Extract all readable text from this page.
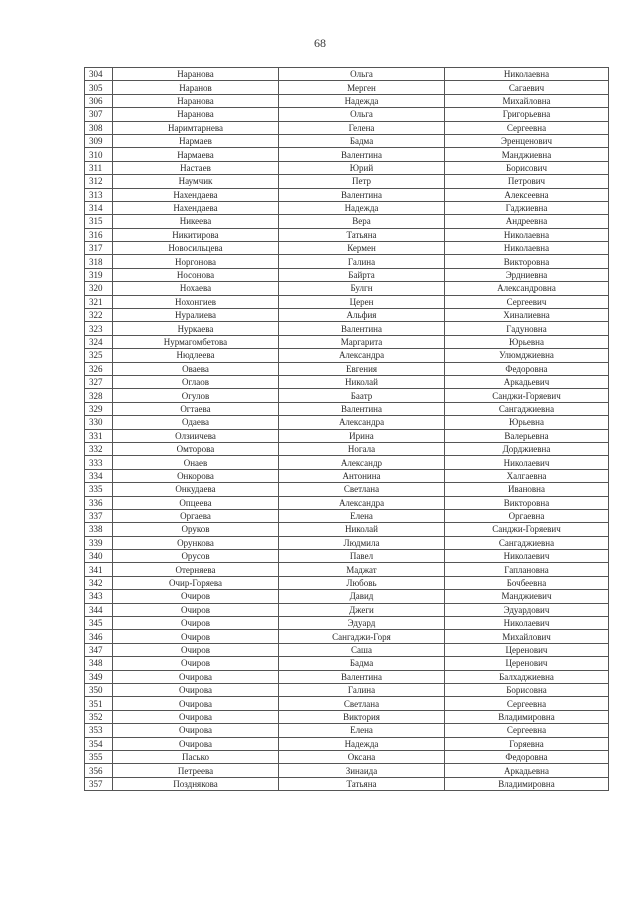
68
304	Наранова	Ольга	Николаевна
305	Наранов	Мерген	Сагаевич
306	Наранова	Надежда	Михайловна
307	Наранова	Ольга	Григорьевна
308	Наримтарнева	Гелена	Сергеевна
309	Нармаев	Бадма	Эренценович
310	Нармаева	Валентина	Манджиевна
311	Настаев	Юрий	Борисович
312	Наумчик	Петр	Петрович
313	Нахендаева	Валентина	Алексеевна
314	Нахендаева	Надежда	Гаджиевна
315	Никеева	Вера	Андреевна
316	Никитирова	Татьяна	Николаевна
317	Новосильцева	Кермен	Николаевна
318	Норгонова	Галина	Викторовна
319	Носонова	Байрта	Эрдниевна
320	Нохаева	Булгн	Александровна
321	Нохонгиев	Церен	Сергеевич
322	Нуралиева	Альфия	Хиналиевна
323	Нуркаева	Валентина	Гадуновна
324	Нурмагомбетова	Маргарита	Юрьевна
325	Нюдлеева	Александра	Улюмджиевна
326	Оваева	Евгения	Федоровна
327	Оглаов	Николай	Аркадьевич
328	Огулов	Баатр	Санджи-Горяевич
329	Огтаева	Валентина	Сангаджиевна
330	Одаева	Александра	Юрьевна
331	Олзиичева	Ирина	Валерьевна
332	Омторова	Ногала	Дорджиевна
333	Онаев	Александр	Николаевич
334	Онкорова	Антонина	Халгаевна
335	Онкудаева	Светлана	Ивановна
336	Опцеева	Александра	Викторовна
337	Оргаева	Елена	Оргаевна
338	Оруков	Николай	Санджи-Горяевич
339	Орункова	Людмила	Сангаджиевна
340	Орусов	Павел	Николаевич
341	Отерняева	Маджат	Гаплановна
342	Очир-Горяева	Любовь	Бочбеевна
343	Очиров	Давид	Манджиевич
344	Очиров	Джеги	Эдуардович
345	Очиров	Эдуард	Николаевич
346	Очиров	Сангаджи-Горя	Михайлович
347	Очиров	Саша	Церенович
348	Очиров	Бадма	Церенович
349	Очирова	Валентина	Балхаджиевна
350	Очирова	Галина	Борисовна
351	Очирова	Светлана	Сергеевна
352	Очирова	Виктория	Владимировна
353	Очирова	Елена	Сергеевна
354	Очирова	Надежда	Горяевна
355	Пасько	Оксана	Федоровна
356	Петреева	Зинаида	Аркадьевна
357	Позднякова	Татьяна	Владимировна
